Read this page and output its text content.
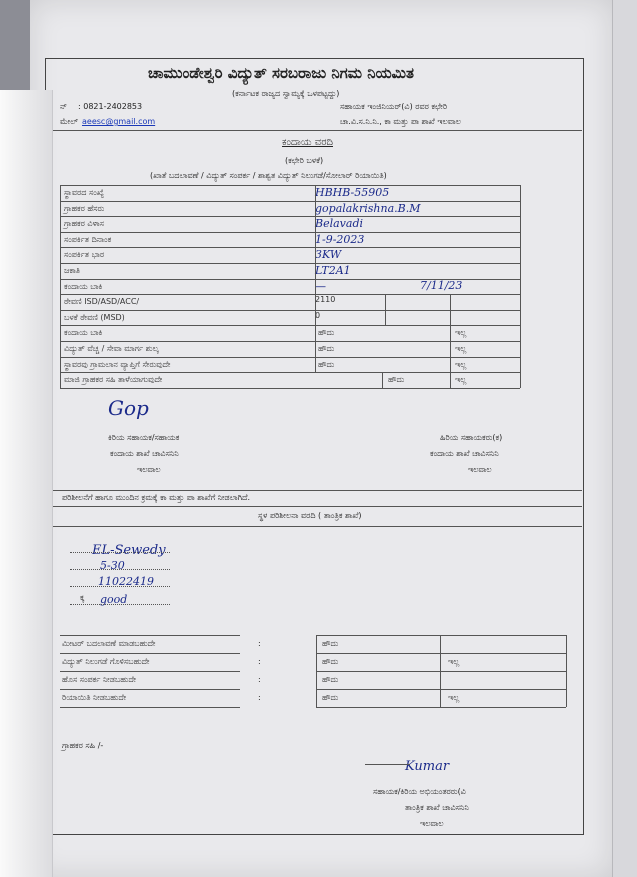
ಚಾಮುಂಡೇಶ್ವರಿ ವಿದ್ಯುತ್ ಸರಬರಾಜು ನಿಗಮ ನಿಯಮಿತ
(ಕರ್ನಾಟಕ ರಾಜ್ಯದ ಸ್ವಾಮ್ಯಕ್ಕೆ ಒಳಪಟ್ಟದ್ದು)
ನ್ : 0821-2402853
ಮೇಲ್ aeesc@gmail.com
ಸಹಾಯಕ ಇಂಜಿನಿಯರ್(ವಿ) ರವರ ಕಛೇರಿ
ಚಾ.ವಿ.ಸ.ನಿ.ನಿ., ಕಾ ಮತ್ತು ಪಾ ಶಾಖೆ ಇಲವಾಲ
ಕಂದಾಯ ವರದಿ
(ಕಛೇರಿ ಬಳಕೆ)
(ಖಾತೆ ಬದಲಾವಣೆ / ವಿದ್ಯುತ್ ಸಂಪರ್ಕ / ಶಾಶ್ವತ ವಿದ್ಯುತ್ ನಿಲುಗಡೆ/ಸೋಲಾರ್ ರಿಯಾಯಿತಿ)
ಸ್ಥಾವರದ ಸಂಖ್ಯೆ	HBHB-55905
ಗ್ರಾಹಕರ ಹೆಸರು	gopalakrishna.B.M
ಗ್ರಾಹಕರ ವಿಳಾಸ	Belavadi
ಸಂಪರ್ಕಿತ ದಿನಾಂಕ	1-9-2023
ಸಂಪರ್ಕಿತ ಭಾರ	3KW
ಜಕಾತಿ	LT2A1
ಕಂದಾಯ ಬಾಕಿ	—	7/11/23
ಠೇವಣಿ ISD/ASD/ACC/	2110
ಬಳಕೆ ಠೇವಣಿ (MSD)	0
ಕಂದಾಯ ಬಾಕಿ	ಹೌದು	ಇಲ್ಲ
ವಿದ್ಯುತ್ ವೆಚ್ಚ / ಸೇವಾ ಮಾರ್ಗ ಶುಲ್ಕ	ಹೌದು	ಇಲ್ಲ
ಸ್ಥಾವರವು ಗ್ರಾಮಲಾನ ವ್ಯಾಪ್ತಿಗೆ ಸೇರುವುದೇ	ಹೌದು	ಇಲ್ಲ
ಮಾಜಿ ಗ್ರಾಹಕರ ಸಹಿ ತಾಳೆಯಾಗುವುದೇ	ಹೌದು	ಇಲ್ಲ
Gop
ಕಿರಿಯ ಸಹಾಯಕ/ಸಹಾಯಕ
ಕಂದಾಯ ಶಾಖೆ ಚಾವಿಸನಿನಿ
ಇಲವಾಲ
ಹಿರಿಯ ಸಹಾಯಕರು(ಕ)
ಕಂದಾಯ ಶಾಖೆ ಚಾವಿಸನಿನಿ
ಇಲವಾಲ
ಪರಿಶೀಲನೆಗೆ ಹಾಗೂ ಮುಂದಿನ ಕ್ರಮಕ್ಕೆ ಕಾ ಮತ್ತು ಪಾ ಶಾಖೆಗೆ ನೀಡಲಾಗಿದೆ.
ಸ್ಥಳ ಪರಿಶೀಲನಾ ವರದಿ ( ತಾಂತ್ರಿಕ ಶಾಖೆ)
EL-Sewedy
5-30
11022419
good
ಕ್ಕ
ಮೀಟರ್ ಬದಲಾವಣೆ ಮಾಡಬಹುದೇ	:	ಹೌದು
ವಿದ್ಯುತ್ ನಿಲುಗಡೆ ಗೊಳಿಸಬಹುದೇ	:	ಹೌದು	ಇಲ್ಲ
ಹೊಸ ಸಂಪರ್ಕ ನೀಡಬಹುದೇ	:	ಹೌದು
ರಿಯಾಯಿತಿ ನೀಡಬಹುದೇ	:	ಹೌದು	ಇಲ್ಲ
ಗ್ರಾಹಕರ ಸಹಿ /-
Kumar
ಸಹಾಯಕ/ಕಿರಿಯ ಅಭಿಯಂತರರು(ವಿ
ತಾಂತ್ರಿಕ ಶಾಖೆ ಚಾವಿಸನಿನಿ
ಇಲವಾಲ
